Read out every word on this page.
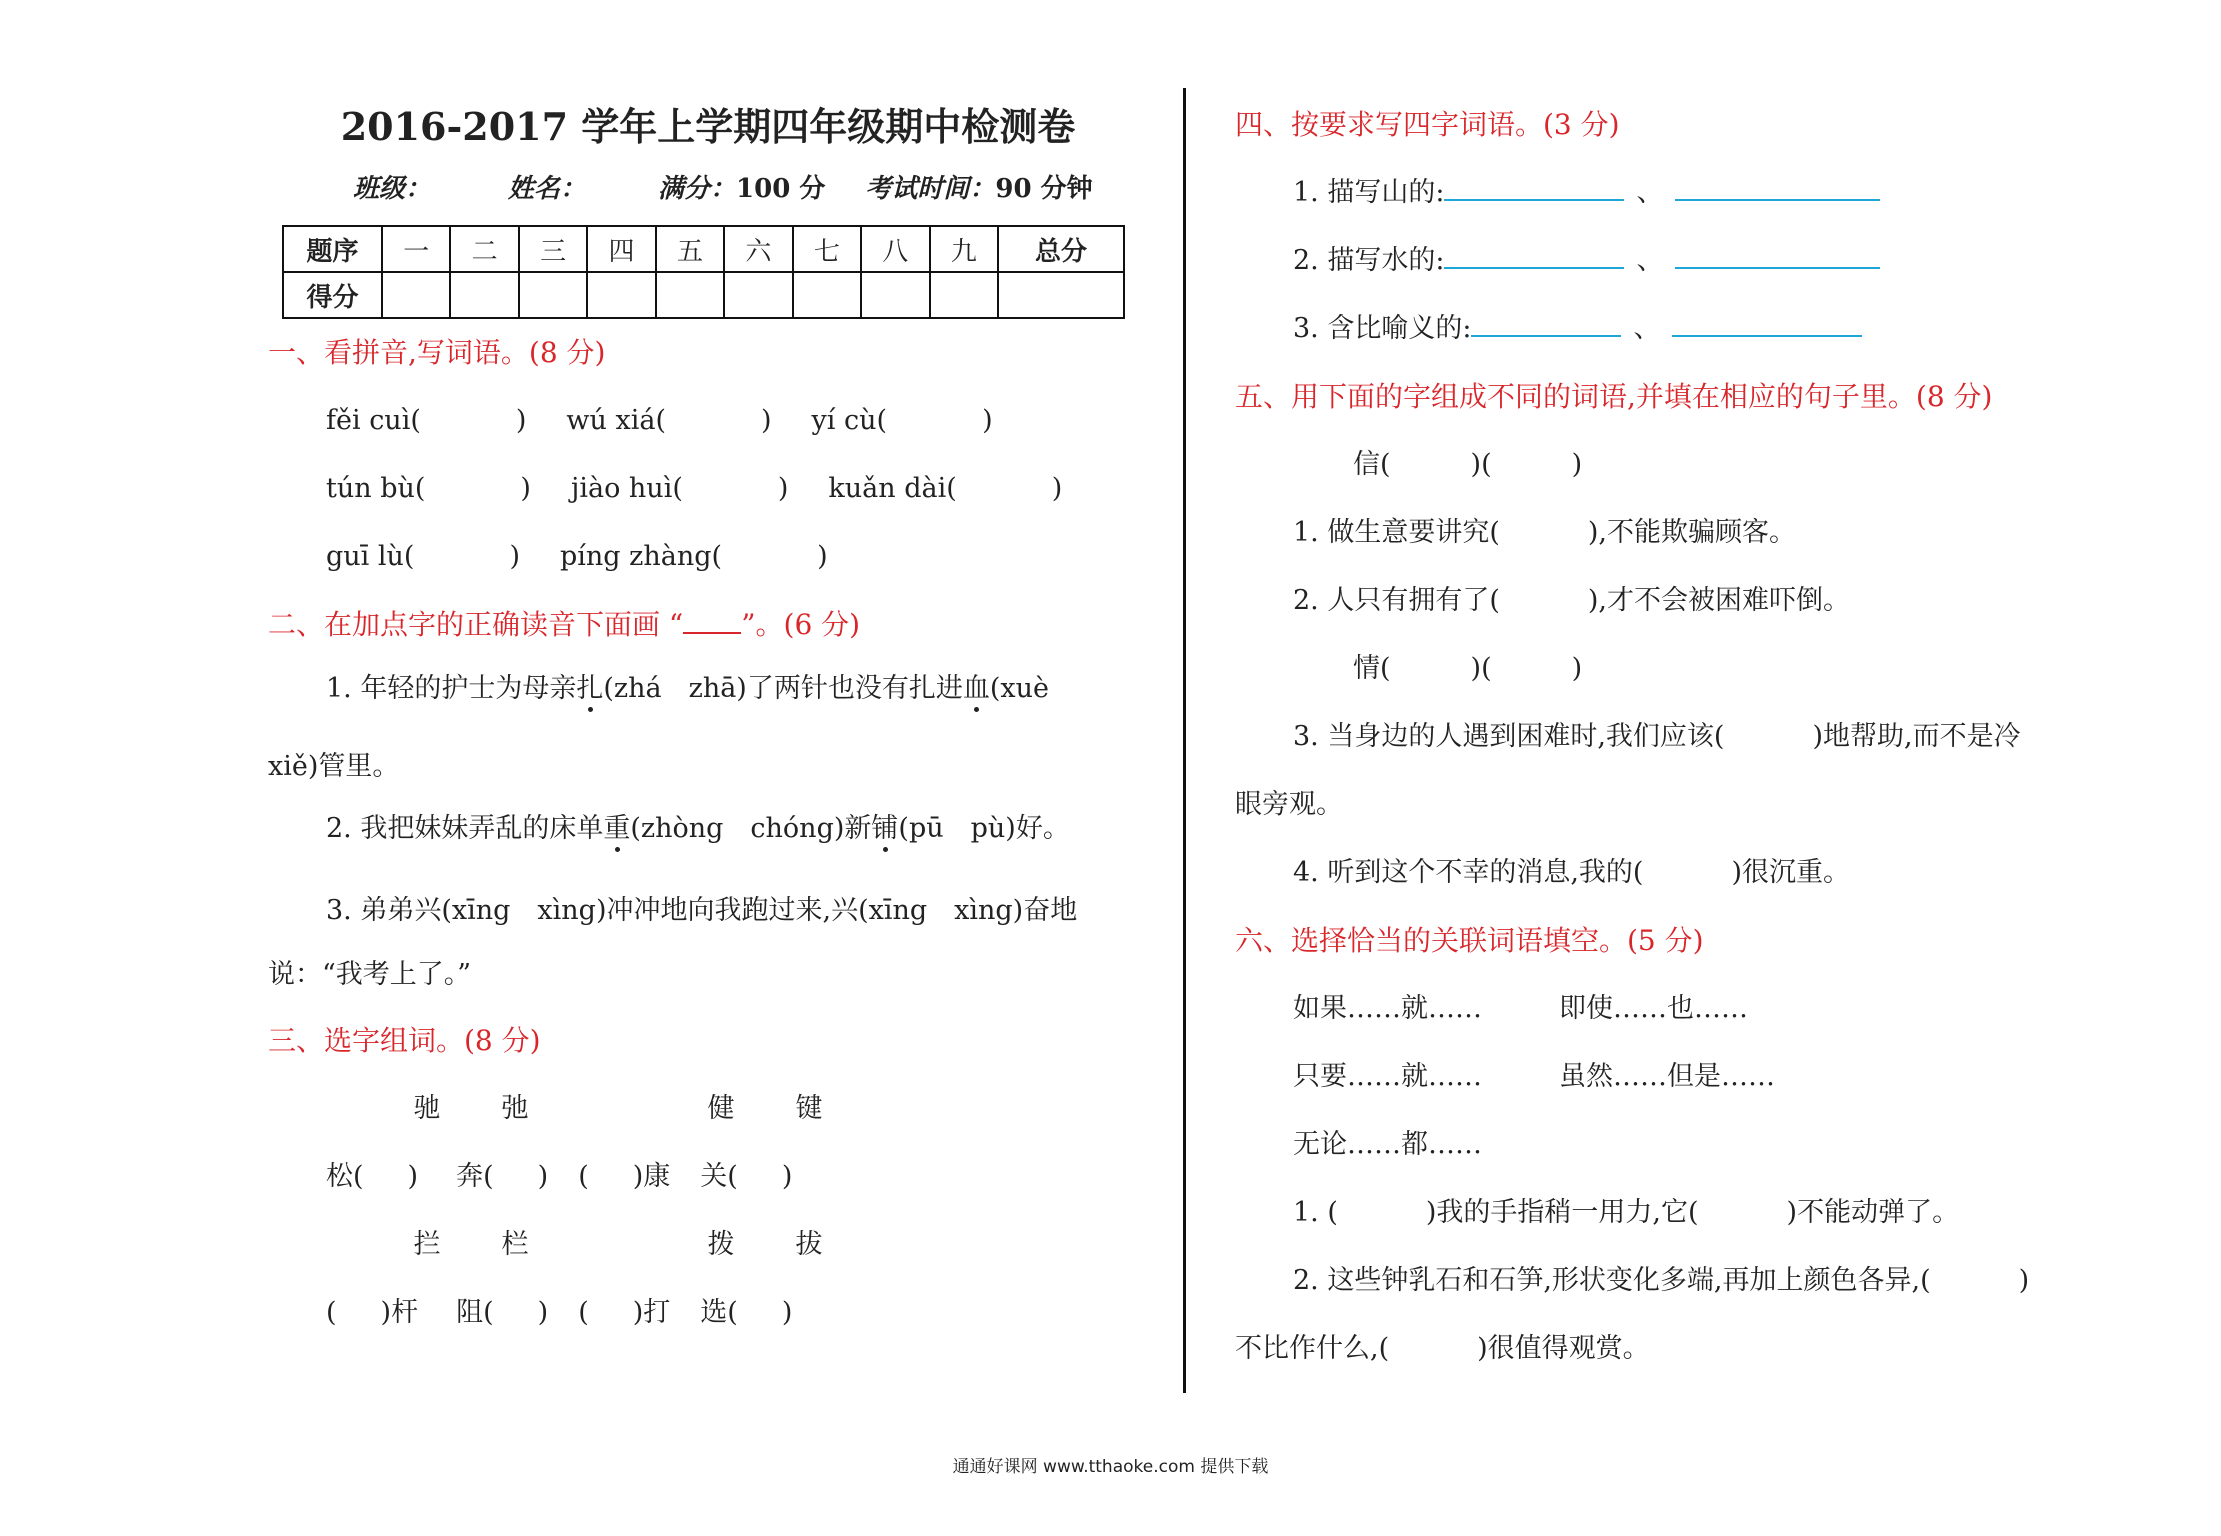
2016-2017 学年上学期四年级期中检测卷
班级：	姓名：	满分：100 分 考试时间：90 分钟
题序	一	二	三	四	五	六	七	八	九	总分
得分										
一、看拼音,写词语。(8 分)
fěi cuì(	) wú xiá(	) yí cù(	)
tún bù(	) jiào huì(	) kuǎn dài(	)
guī lù(	) píng zhàng(	)
二、在加点字的正确读音下面画 “ ”。(6 分)
1. 年轻的护士为母亲扎(zhá　zhā)了两针也没有扎进血(xuè
xiě)管里。
2. 我把妹妹弄乱的床单重(zhòng　chóng)新铺(pū　pù)好。
3. 弟弟兴(xīng　xìng)冲冲地向我跑过来,兴(xīng　xìng)奋地
说：“我考上了。”
三、选字组词。(8 分)
驰 弛	健 键
松( ) 奔( ) ( )康 关( )
拦 栏	拨 拔
( )杆 阻( ) ( )打 选( )
四、按要求写四字词语。(3 分)
1. 描写山的:	、
2. 描写水的:	、
3. 含比喻义的:	、
五、用下面的字组成不同的词语,并填在相应的句子里。(8 分)
信(	)(	)
1. 做生意要讲究(	),不能欺骗顾客。
2. 人只有拥有了(	),才不会被困难吓倒。
情(	)(	)
3. 当身边的人遇到困难时,我们应该(	)地帮助,而不是冷
眼旁观。
4. 听到这个不幸的消息,我的(	)很沉重。
六、选择恰当的关联词语填空。(5 分)
如果……就……	即使……也……
只要……就……	虽然……但是……
无论……都……
1. (	)我的手指稍一用力,它(	)不能动弹了。
2. 这些钟乳石和石笋,形状变化多端,再加上颜色各异,(	)
不比作什么,(	)很值得观赏。
通通好课网 www.tthaoke.com 提供下载
